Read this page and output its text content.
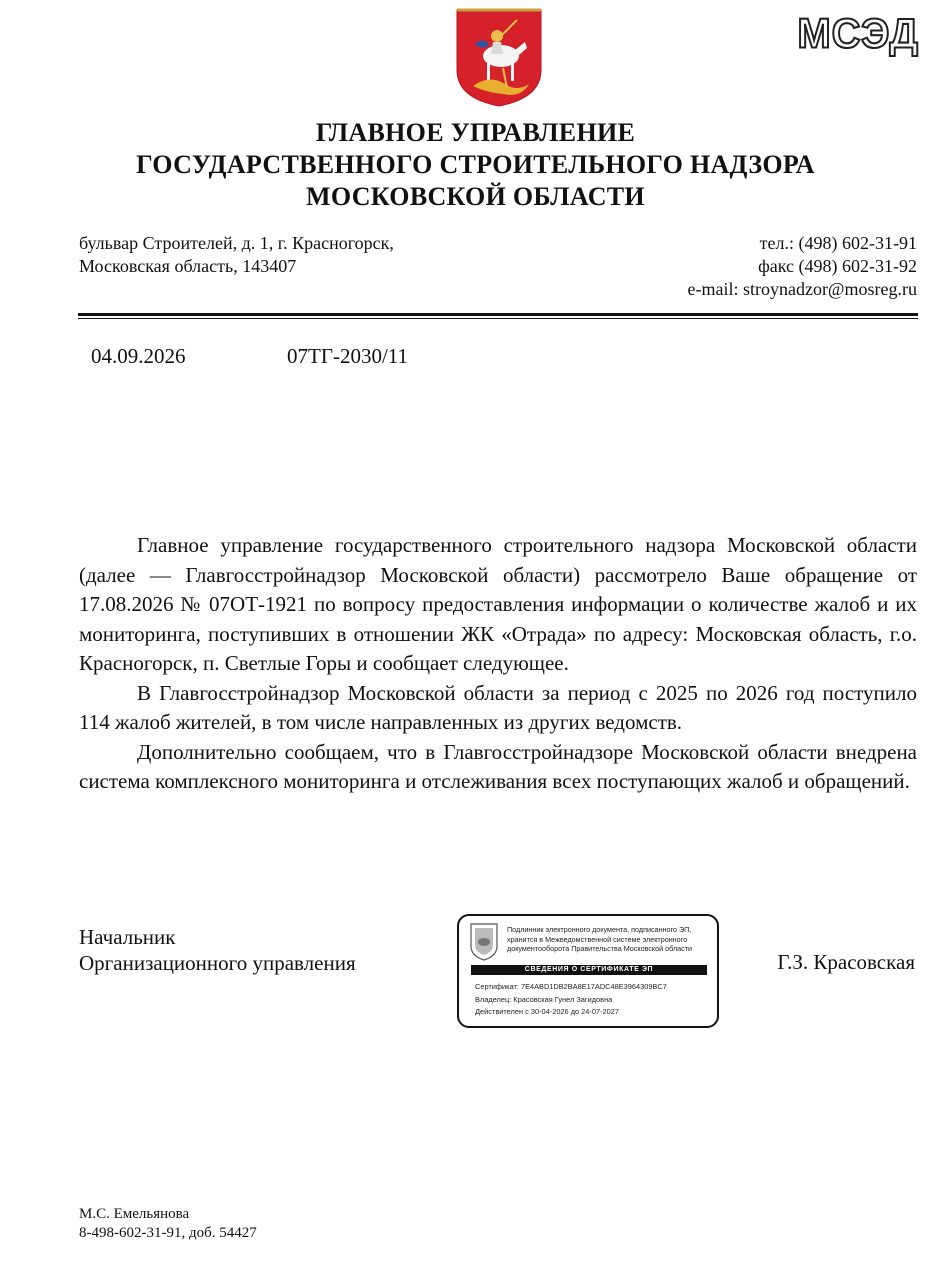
МСЭД
ГЛАВНОЕ УПРАВЛЕНИЕ
ГОСУДАРСТВЕННОГО СТРОИТЕЛЬНОГО НАДЗОРА
МОСКОВСКОЙ ОБЛАСТИ
бульвар Строителей, д. 1, г. Красногорск,
Московская область, 143407
тел.: (498) 602-31-91
факс (498) 602-31-92
e-mail: stroynadzor@mosreg.ru
04.09.2026	07ТГ-2030/11

Главное управление государственного строительного надзора Московской области (далее — Главгосстройнадзор Московской области) рассмотрело Ваше обращение от 17.08.2026 № 07ОТ-1921 по вопросу предоставления информации о количестве жалоб и их мониторинга, поступивших в отношении ЖК «Отрада» по адресу: Московская область, г.о. Красногорск, п. Светлые Горы и сообщает следующее.

В Главгосстройнадзор Московской области за период с 2025 по 2026 год поступило 114 жалоб жителей, в том числе направленных из других ведомств.

Дополнительно сообщаем, что в Главгосстройнадзоре Московской области внедрена система комплексного мониторинга и отслеживания всех поступающих жалоб и обращений.

Начальник
Организационного управления
Подлинник электронного документа, подписанного ЭП,
хранится в Межведомственной системе электронного
документооборота Правительства Московской области
СВЕДЕНИЯ О СЕРТИФИКАТЕ ЭП
Сертификат: 7E4ABD1DB2BA8E17ADC48E3964309BC7
Владелец: Красовская Гунел Загидовна
Действителен с 30-04-2026 до 24-07-2027
Г.З. Красовская
М.С. Емельянова
8-498-602-31-91, доб. 54427
